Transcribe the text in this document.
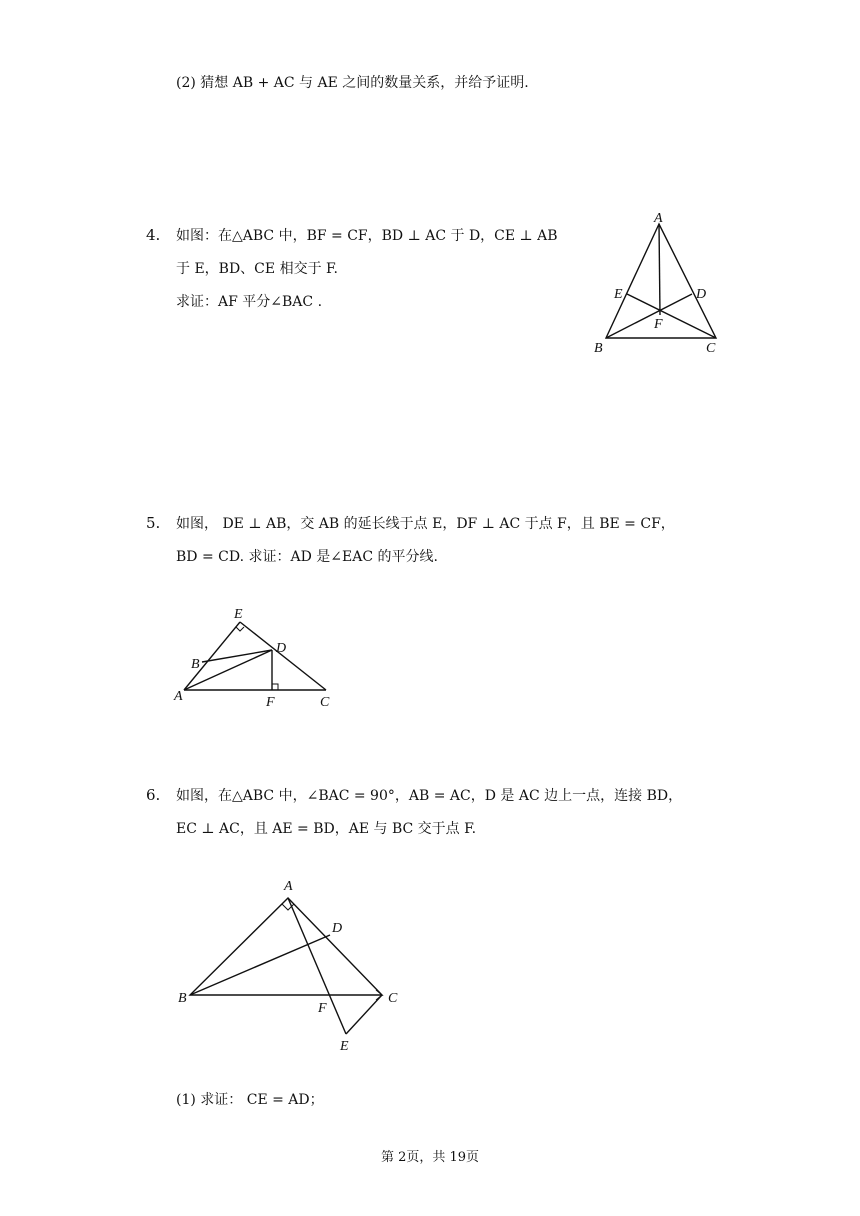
(2) 猜想 AB + AC 与 AE 之间的数量关系，并给予证明.
4. 如图：在△ABC 中，BF = CF，BD ⊥ AC 于 D，CE ⊥ AB
于 E，BD、CE 相交于 F.
求证：AF 平分∠BAC .
A
B	C
D
E
F
5. 如图， DE ⊥ AB，交 AB 的延长线于点 E，DF ⊥ AC 于点 F，且 BE = CF，
BD = CD. 求证：AD 是∠EAC 的平分线.
E
D
B
A	F	C
6. 如图，在△ABC 中，∠BAC = 90°，AB = AC，D 是 AC 边上一点，连接 BD，
EC ⊥ AC，且 AE = BD，AE 与 BC 交于点 F.
A
D
B	C
F
E
(1) 求证： CE = AD；
第 2页，共 19页
